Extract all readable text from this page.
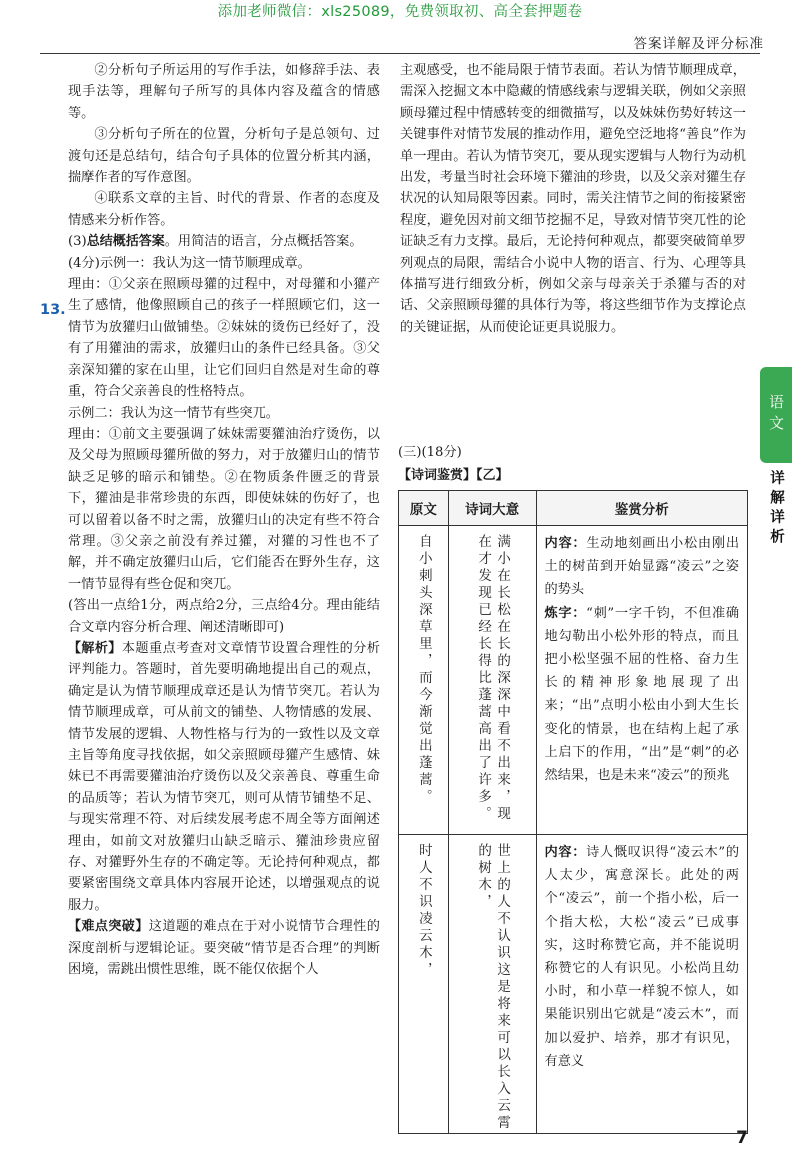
添加老师微信：xls25089，免费领取初、高全套押题卷
答案详解及评分标准

②分析句子所运用的写作手法，如修辞手法、表现手法等，理解句子所写的具体内容及蕴含的情感等。

③分析句子所在的位置，分析句子是总领句、过渡句还是总结句，结合句子具体的位置分析其内涵，揣摩作者的写作意图。

④联系文章的主旨、时代的背景、作者的态度及情感来分析作答。

(3)总结概括答案。用简洁的语言，分点概括答案。

(4分)示例一：我认为这一情节顺理成章。

理由：①父亲在照顾母獾的过程中，对母獾和小獾产生了感情，他像照顾自己的孩子一样照顾它们，这一情节为放獾归山做铺垫。②妹妹的烫伤已经好了，没有了用獾油的需求，放獾归山的条件已经具备。③父亲深知獾的家在山里，让它们回归自然是对生命的尊重，符合父亲善良的性格特点。

示例二：我认为这一情节有些突兀。

理由：①前文主要强调了妹妹需要獾油治疗烫伤，以及父母为照顾母獾所做的努力，对于放獾归山的情节缺乏足够的暗示和铺垫。②在物质条件匮乏的背景下，獾油是非常珍贵的东西，即使妹妹的伤好了，也可以留着以备不时之需，放獾归山的决定有些不符合常理。③父亲之前没有养过獾，对獾的习性也不了解，并不确定放獾归山后，它们能否在野外生存，这一情节显得有些仓促和突兀。

(答出一点给1分，两点给2分，三点给4分。理由能结合文章内容分析合理、阐述清晰即可)

【解析】本题重点考查对文章情节设置合理性的分析评判能力。答题时，首先要明确地提出自己的观点，确定是认为情节顺理成章还是认为情节突兀。若认为情节顺理成章，可从前文的铺垫、人物情感的发展、情节发展的逻辑、人物性格与行为的一致性以及文章主旨等角度寻找依据，如父亲照顾母獾产生感情、妹妹已不再需要獾油治疗烫伤以及父亲善良、尊重生命的品质等；若认为情节突兀，则可从情节铺垫不足、与现实常理不符、对后续发展考虑不周全等方面阐述理由，如前文对放獾归山缺乏暗示、獾油珍贵应留存、对獾野外生存的不确定等。无论持何种观点，都要紧密围绕文章具体内容展开论述，以增强观点的说服力。

【难点突破】这道题的难点在于对小说情节合理性的深度剖析与逻辑论证。要突破“情节是否合理”的判断困境，需跳出惯性思维，既不能仅依据个人

13.

主观感受，也不能局限于情节表面。若认为情节顺理成章，需深入挖掘文本中隐藏的情感线索与逻辑关联，例如父亲照顾母獾过程中情感转变的细微描写，以及妹妹伤势好转这一关键事件对情节发展的推动作用，避免空泛地将“善良”作为单一理由。若认为情节突兀，要从现实逻辑与人物行为动机出发，考量当时社会环境下獾油的珍贵，以及父亲对獾生存状况的认知局限等因素。同时，需关注情节之间的衔接紧密程度，避免因对前文细节挖掘不足，导致对情节突兀性的论证缺乏有力支撑。最后，无论持何种观点，都要突破简单罗列观点的局限，需结合小说中人物的语言、行为、心理等具体描写进行细致分析，例如父亲与母亲关于杀獾与否的对话、父亲照顾母獾的具体行为等，将这些细节作为支撑论点的关键证据，从而使论证更具说服力。

语文
详解详析
(三)(18分)
【诗词鉴赏】【乙】
原文	诗词大意	鉴赏分析

自小刺头深草里，而今渐觉出蓬蒿。	满小在长松在长的深深中看不出来，现在才发现已经长得比蓬蒿高出了许多。	内容：生动地刻画出小松由刚出土的树苗到开始显露“凌云”之姿的势头
炼字：“刺”一字千钧，不但准确地勾勒出小松外形的特点，而且把小松坚强不屈的性格、奋力生长的精神形象地展现了出来；“出”点明小松由小到大生长变化的情景，也在结构上起了承上启下的作用，“出”是“刺”的必然结果，也是未来“凌云”的预兆

时人不识凌云木，	世上的人不认识这是将来可以长入云霄的树木，	内容：诗人慨叹识得“凌云木”的人太少，寓意深长。此处的两个“凌云”，前一个指小松，后一个指大松，大松“凌云”已成事实，这时称赞它高，并不能说明称赞它的人有识见。小松尚且幼小时，和小草一样貌不惊人，如果能识别出它就是“凌云木”，而加以爱护、培养，那才有识见，有意义
7
